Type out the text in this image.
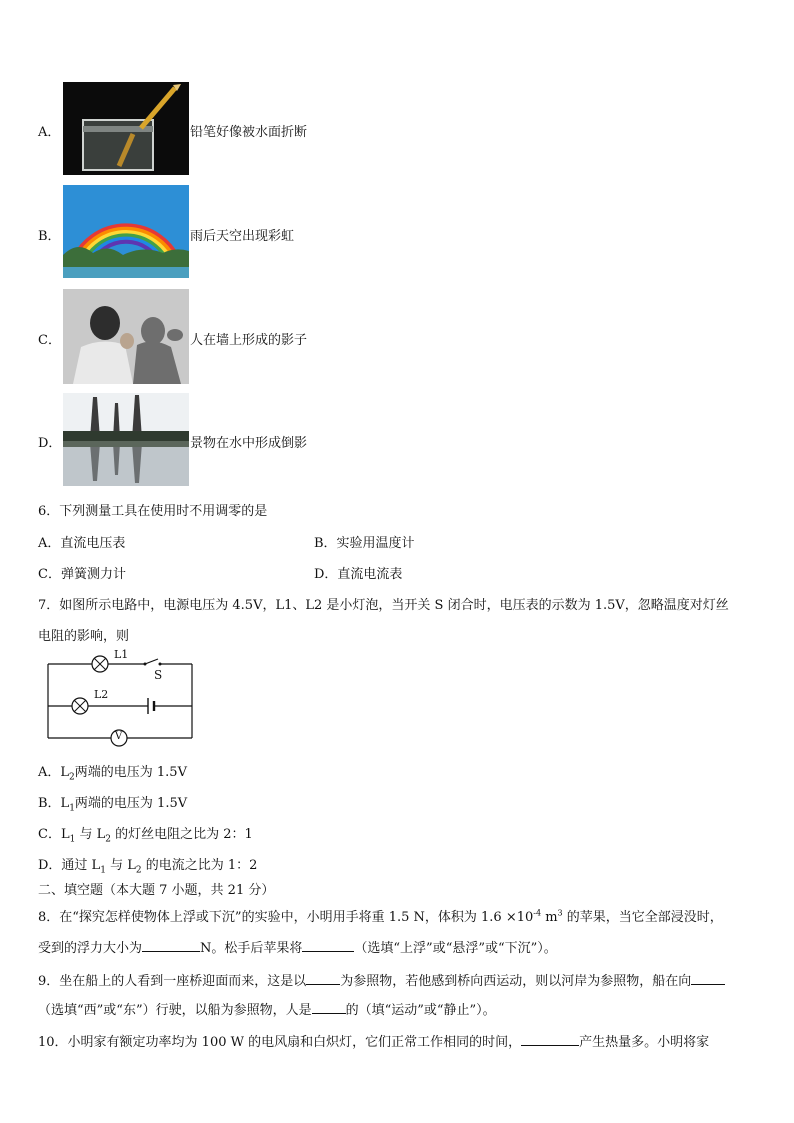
A．	铅笔好像被水面折断
B．	雨后天空出现彩虹
C．	人在墙上形成的影子
D．	景物在水中形成倒影
6．下列测量工具在使用时不用调零的是
A．直流电压表	B．实验用温度计
C．弹簧测力计	D．直流电流表
7．如图所示电路中，电源电压为 4.5V，L1、L2 是小灯泡，当开关 S 闭合时，电压表的示数为 1.5V，忽略温度对灯丝
电阻的影响，则
L1
S
L2
V
A．$L_2$两端的电压为 1.5V
B．$L_1$两端的电压为 1.5V
C．$L_1$ 与 $L_2$ 的灯丝电阻之比为 2：1
D．通过 $L_1$ 与 $L_2$ 的电流之比为 1：2
二、填空题（本大题 7 小题，共 21 分）
8．在“探究怎样使物体上浮或下沉”的实验中，小明用手将重 1.5 N，体积为 $1.6 \times 10^{-4}$ $m^3$ 的苹果，当它全部浸没时，
受到的浮力大小为	N。松手后苹果将	（选填“上浮”或“悬浮”或“下沉”）。
9．坐在船上的人看到一座桥迎面而来，这是以	为参照物，若他感到桥向西运动，则以河岸为参照物，船在向
（选填“西”或“东”）行驶，以船为参照物，人是	的（填“运动”或“静止”）。
10．小明家有额定功率均为 100 W 的电风扇和白炽灯，它们正常工作相同的时间，	产生热量多。小明将家
